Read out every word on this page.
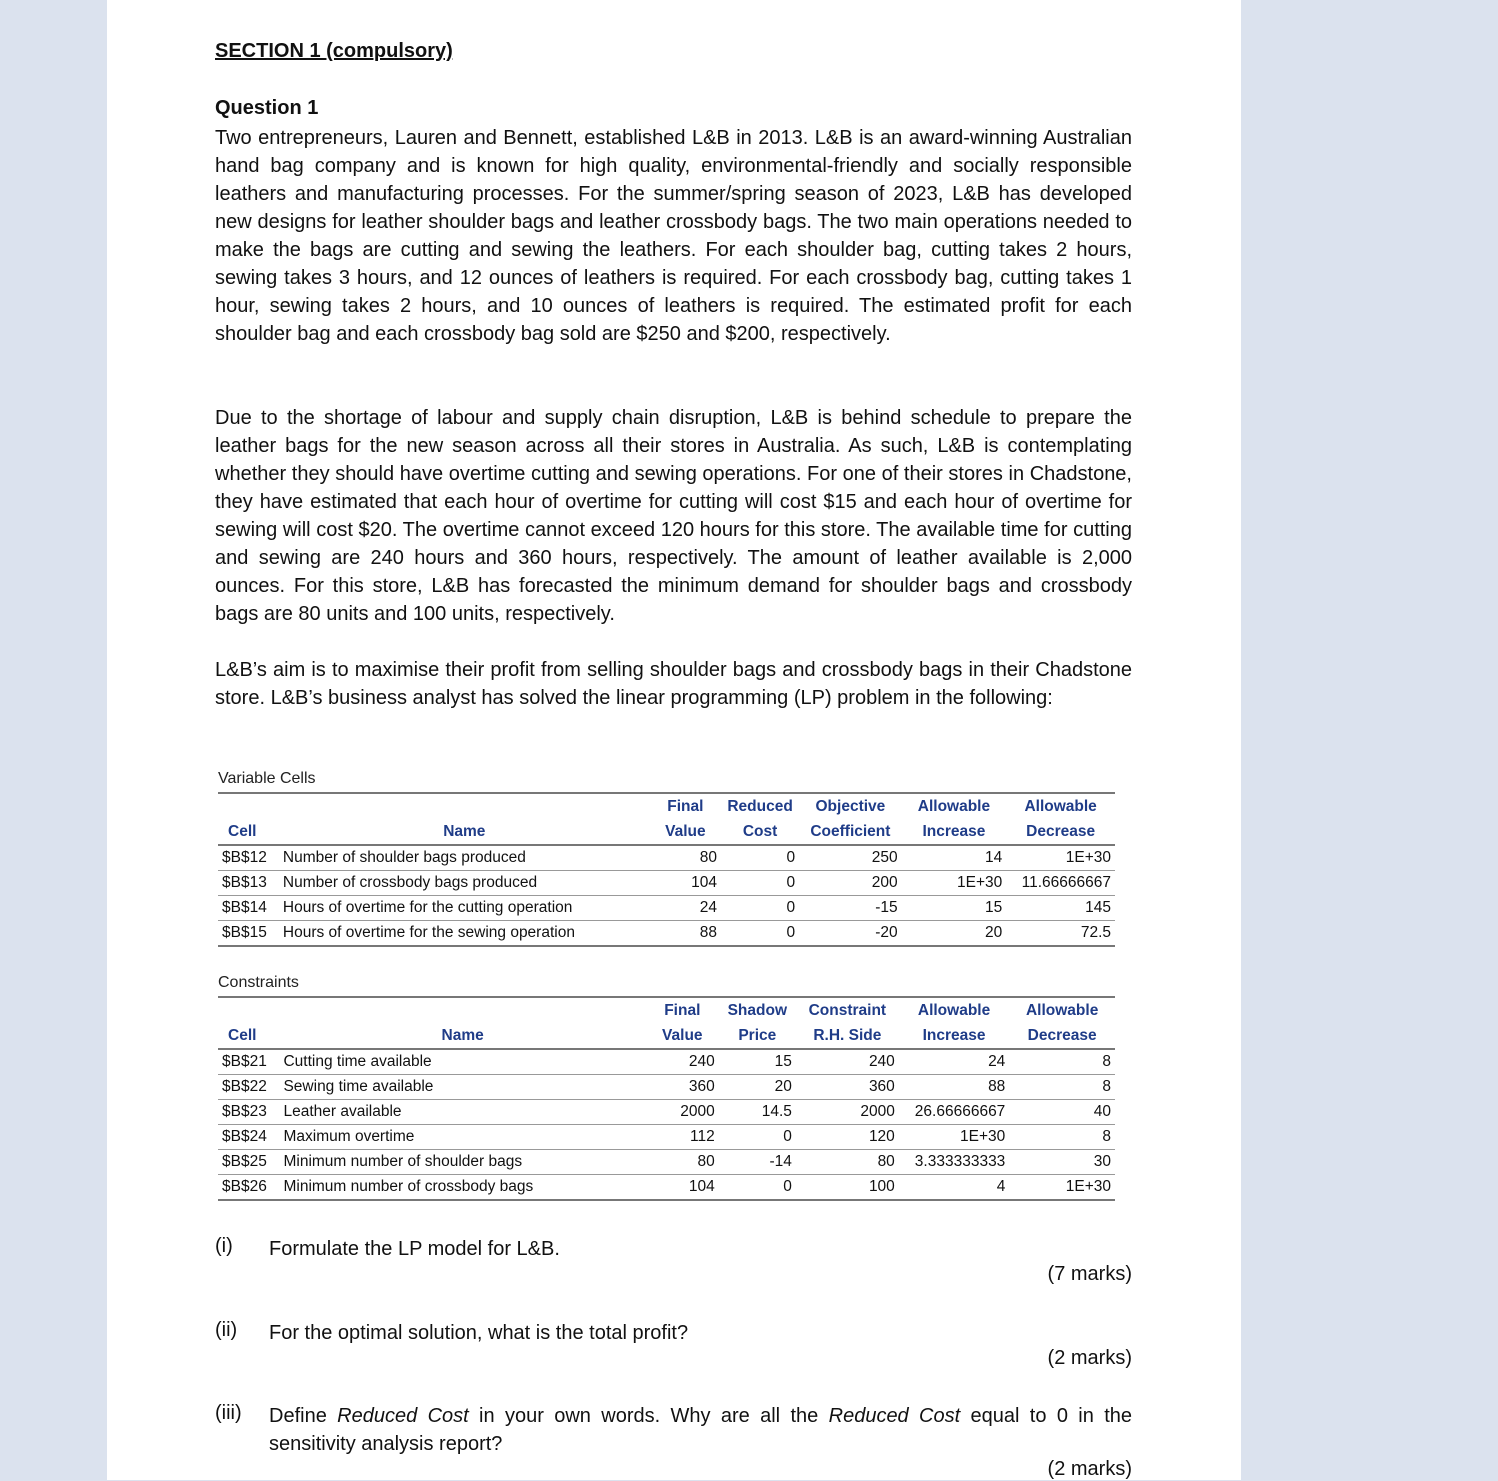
SECTION 1 (compulsory)
Question 1

Two entrepreneurs, Lauren and Bennett, established L&B in 2013. L&B is an award-winning Australian hand bag company and is known for high quality, environmental-friendly and socially responsible leathers and manufacturing processes. For the summer/spring season of 2023, L&B has developed new designs for leather shoulder bags and leather crossbody bags. The two main operations needed to make the bags are cutting and sewing the leathers. For each shoulder bag, cutting takes 2 hours, sewing takes 3 hours, and 12 ounces of leathers is required. For each crossbody bag, cutting takes 1 hour, sewing takes 2 hours, and 10 ounces of leathers is required. The estimated profit for each shoulder bag and each crossbody bag sold are $250 and $200, respectively.

Due to the shortage of labour and supply chain disruption, L&B is behind schedule to prepare the leather bags for the new season across all their stores in Australia. As such, L&B is contemplating whether they should have overtime cutting and sewing operations. For one of their stores in Chadstone, they have estimated that each hour of overtime for cutting will cost $15 and each hour of overtime for sewing will cost $20. The overtime cannot exceed 120 hours for this store. The available time for cutting and sewing are 240 hours and 360 hours, respectively. The amount of leather available is 2,000 ounces. For this store, L&B has forecasted the minimum demand for shoulder bags and crossbody bags are 80 units and 100 units, respectively.

L&B’s aim is to maximise their profit from selling shoulder bags and crossbody bags in their Chadstone store. L&B’s business analyst has solved the linear programming (LP) problem in the following:

Variable Cells
		Final	Reduced	Objective	Allowable	Allowable
Cell	Name	Value	Cost	Coefficient	Increase	Decrease
$B$12	Number of shoulder bags produced	80	0	250	14	1E+30
$B$13	Number of crossbody bags produced	104	0	200	1E+30	11.66666667
$B$14	Hours of overtime for the cutting operation	24	0	-15	15	145
$B$15	Hours of overtime for the sewing operation	88	0	-20	20	72.5
Constraints
		Final	Shadow	Constraint	Allowable	Allowable
Cell	Name	Value	Price	R.H. Side	Increase	Decrease
$B$21	Cutting time available	240	15	240	24	8
$B$22	Sewing time available	360	20	360	88	8
$B$23	Leather available	2000	14.5	2000	26.66666667	40
$B$24	Maximum overtime	112	0	120	1E+30	8
$B$25	Minimum number of shoulder bags	80	-14	80	3.333333333	30
$B$26	Minimum number of crossbody bags	104	0	100	4	1E+30
(i) Formulate the LP model for L&B.
(7 marks)
(ii) For the optimal solution, what is the total profit?
(2 marks)
(iii) Define Reduced Cost in your own words. Why are all the Reduced Cost equal to 0 in the sensitivity analysis report?
(2 marks)
